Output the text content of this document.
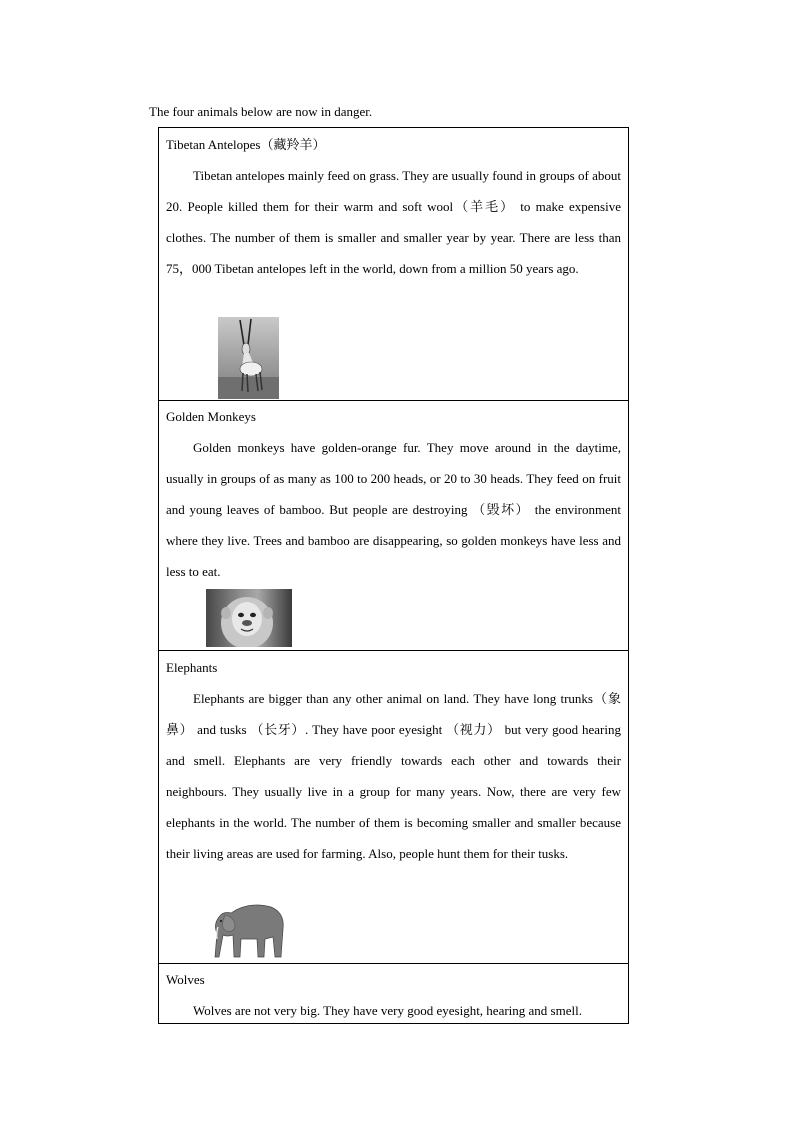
The four animals below are now in danger.
Tibetan Antelopes（藏羚羊）

Tibetan antelopes mainly feed on grass. They are usually found in groups of about 20. People killed them for their warm and soft wool（羊毛） to make expensive clothes. The number of them is smaller and smaller year by year. There are less than 75，000 Tibetan antelopes left in the world, down from a million 50 years ago.

Golden Monkeys

Golden monkeys have golden-orange fur. They move around in the daytime, usually in groups of as many as 100 to 200 heads, or 20 to 30 heads. They feed on fruit and young leaves of bamboo. But people are destroying （毁坏） the environment where they live. Trees and bamboo are disappearing, so golden monkeys have less and less to eat.

Elephants

Elephants are bigger than any other animal on land. They have long trunks（象鼻） and tusks （长牙）. They have poor eyesight （视力） but very good hearing and smell. Elephants are very friendly towards each other and towards their neighbours. They usually live in a group for many years. Now, there are very few elephants in the world. The number of them is becoming smaller and smaller because their living areas are used for farming. Also, people hunt them for their tusks.

Wolves

Wolves are not very big. They have very good eyesight, hearing and smell.
